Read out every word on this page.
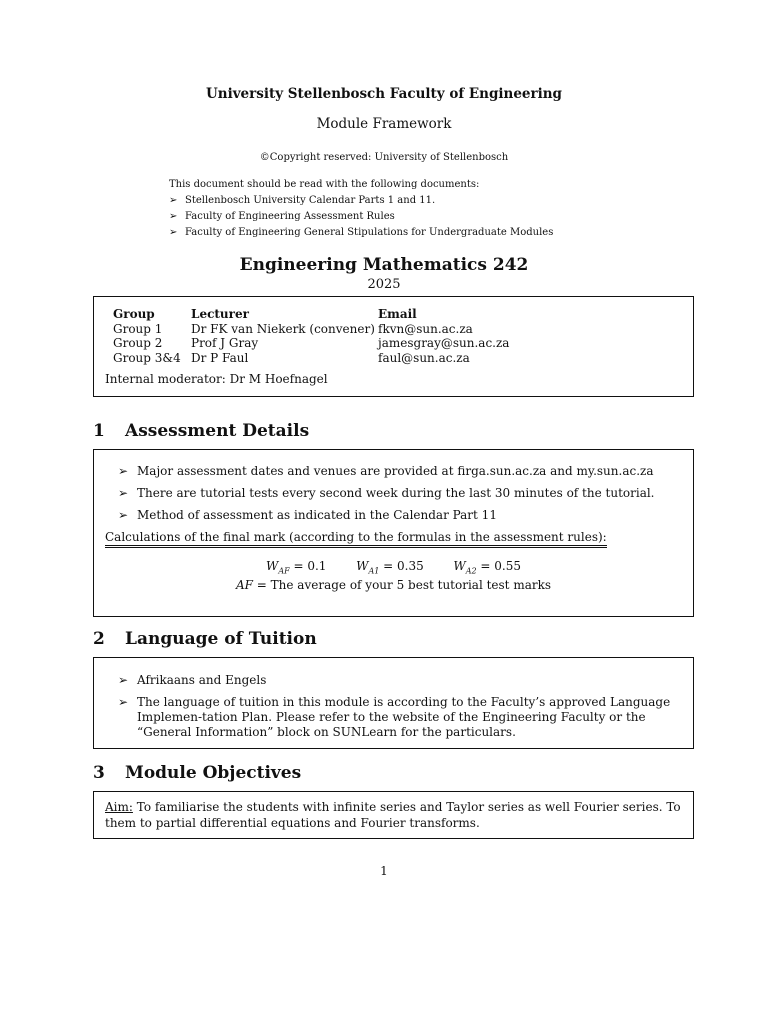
University Stellenbosch Faculty of Engineering
Module Framework
©Copyright reserved: University of Stellenbosch
This document should be read with the following documents:
➢ Stellenbosch University Calendar Parts 1 and 11.
➢ Faculty of Engineering Assessment Rules
➢ Faculty of Engineering General Stipulations for Undergraduate Modules
Engineering Mathematics 242
2025
Group	Lecturer	Email
Group 1	Dr FK van Niekerk (convener)	fkvn@sun.ac.za
Group 2	Prof J Gray	jamesgray@sun.ac.za
Group 3&4	Dr P Faul	faul@sun.ac.za
Internal moderator: Dr M Hoefnagel
1 Assessment Details
➢ Major assessment dates and venues are provided at firga.sun.ac.za and my.sun.ac.za
➢ There are tutorial tests every second week during the last 30 minutes of the tutorial.
➢ Method of assessment as indicated in the Calendar Part 11
Calculations of the final mark (according to the formulas in the assessment rules):
$W_{AF} = 0.1$ $W_{A1} = 0.35$ $W_{A2} = 0.55$
AF = The average of your 5 best tutorial test marks
2 Language of Tuition
➢ Afrikaans and Engels
➢ The language of tuition in this module is according to the Faculty’s approved Language Implemen-tation Plan. Please refer to the website of the Engineering Faculty or the “General Information” block on SUNLearn for the particulars.
3 Module Objectives
Aim: To familiarise the students with infinite series and Taylor series as well Fourier series. To them to partial differential equations and Fourier transforms.
1
